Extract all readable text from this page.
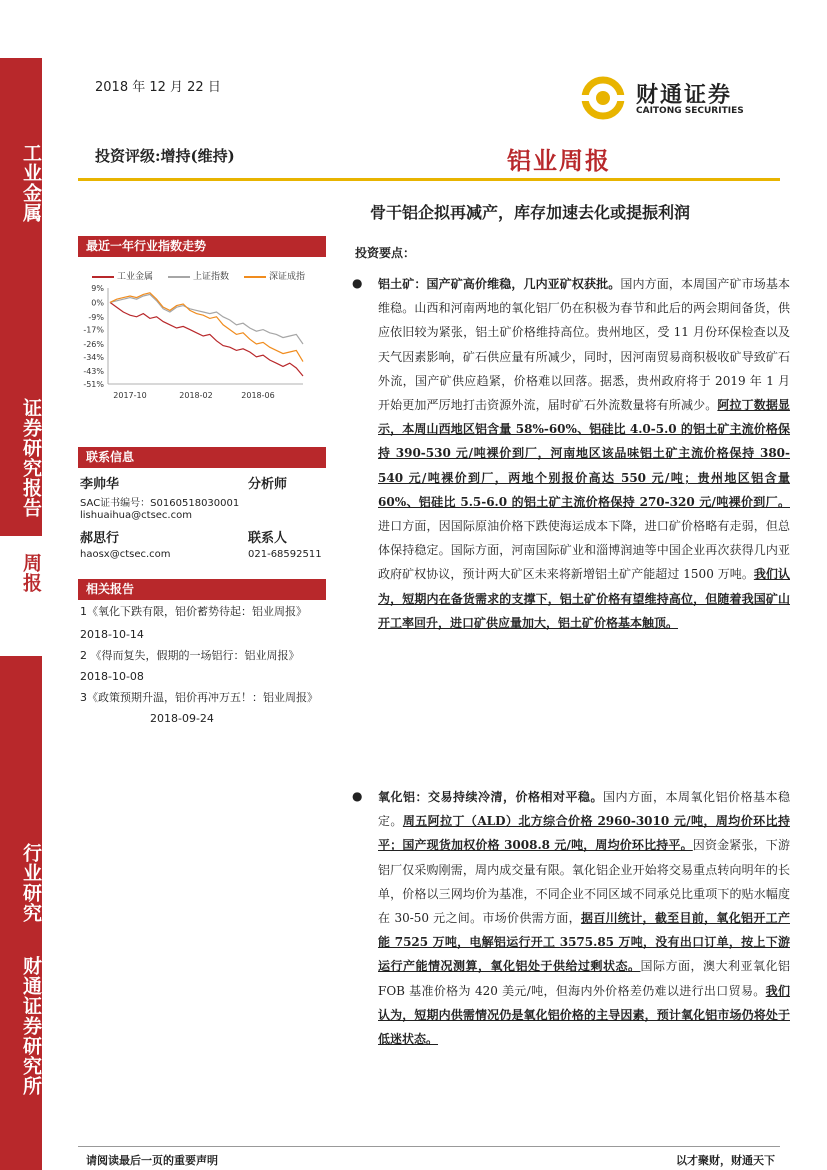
工业金属
证券研究报告
周报
行业研究
财通证券研究所
2018 年 12 月 22 日	财通证券
CAITONG SECURITIES
投资评级:增持(维持)	铝业周报
骨干铝企拟再减产，库存加速去化或提振利润
最近一年行业指数走势
工业金属	上证指数	深证成指
9%
0%
-9%
-17%
-26%
-34%
-43%
-51%
2017-10	2018-02	2018-06
联系信息
李帅华	分析师
SAC证书编号：S0160518030001
lishuaihua@ctsec.com
郝思行	联系人
haosx@ctsec.com	021-68592511
相关报告
1《氧化下跌有限，铝价蓄势待起：铝业周报》
2018-10-14
2 《得而复失，假期的一场铝行：铝业周报》
2018-10-08
3《政策预期升温，铝价再冲万五！：铝业周报》
2018-09-24
投资要点：
● 铝土矿：国产矿高价维稳，几内亚矿权获批。国内方面，本周国产矿市场基本维稳。山西和河南两地的氧化铝厂仍在积极为春节和此后的两会期间备货，供应依旧较为紧张，铝土矿价格维持高位。贵州地区，受 11 月份环保检查以及天气因素影响，矿石供应量有所减少，同时，因河南贸易商积极收矿导致矿石外流，国产矿供应趋紧，价格难以回落。据悉，贵州政府将于 2019 年 1 月开始更加严厉地打击资源外流，届时矿石外流数量将有所减少。阿拉丁数据显示，本周山西地区铝含量 58%-60%、铝硅比 4.0-5.0 的铝土矿主流价格保持 390-530 元/吨裸价到厂，河南地区该品味铝土矿主流价格保持 380-540 元/吨裸价到厂，两地个别报价高达 550 元/吨；贵州地区铝含量 60%、铝硅比 5.5-6.0 的铝土矿主流价格保持 270-320 元/吨裸价到厂。进口方面，因国际原油价格下跌使海运成本下降，进口矿价格略有走弱，但总体保持稳定。国际方面，河南国际矿业和淄博润迪等中国企业再次获得几内亚政府矿权协议，预计两大矿区未来将新增铝土矿产能超过 1500 万吨。我们认为，短期内在备货需求的支撑下，铝土矿价格有望维持高位，但随着我国矿山开工率回升，进口矿供应量加大，铝土矿价格基本触顶。
● 氧化铝：交易持续冷清，价格相对平稳。国内方面，本周氧化铝价格基本稳定。周五阿拉丁（ALD）北方综合价格 2960-3010 元/吨，周均价环比持平；国产现货加权价格 3008.8 元/吨，周均价环比持平。因资金紧张，下游铝厂仅采购刚需，周内成交量有限。氧化铝企业开始将交易重点转向明年的长单，价格以三网均价为基准，不同企业不同区域不同承兑比重项下的贴水幅度在 30-50 元之间。市场价供需方面，据百川统计，截至目前，氧化铝开工产能 7525 万吨，电解铝运行开工 3575.85 万吨，没有出口订单，按上下游运行产能情况测算，氧化铝处于供给过剩状态。国际方面，澳大利亚氧化铝 FOB 基准价格为 420 美元/吨，但海内外价格差仍难以进行出口贸易。我们认为，短期内供需情况仍是氧化铝价格的主导因素，预计氧化铝市场仍将处于低迷状态。
请阅读最后一页的重要声明	以才聚财，财通天下
